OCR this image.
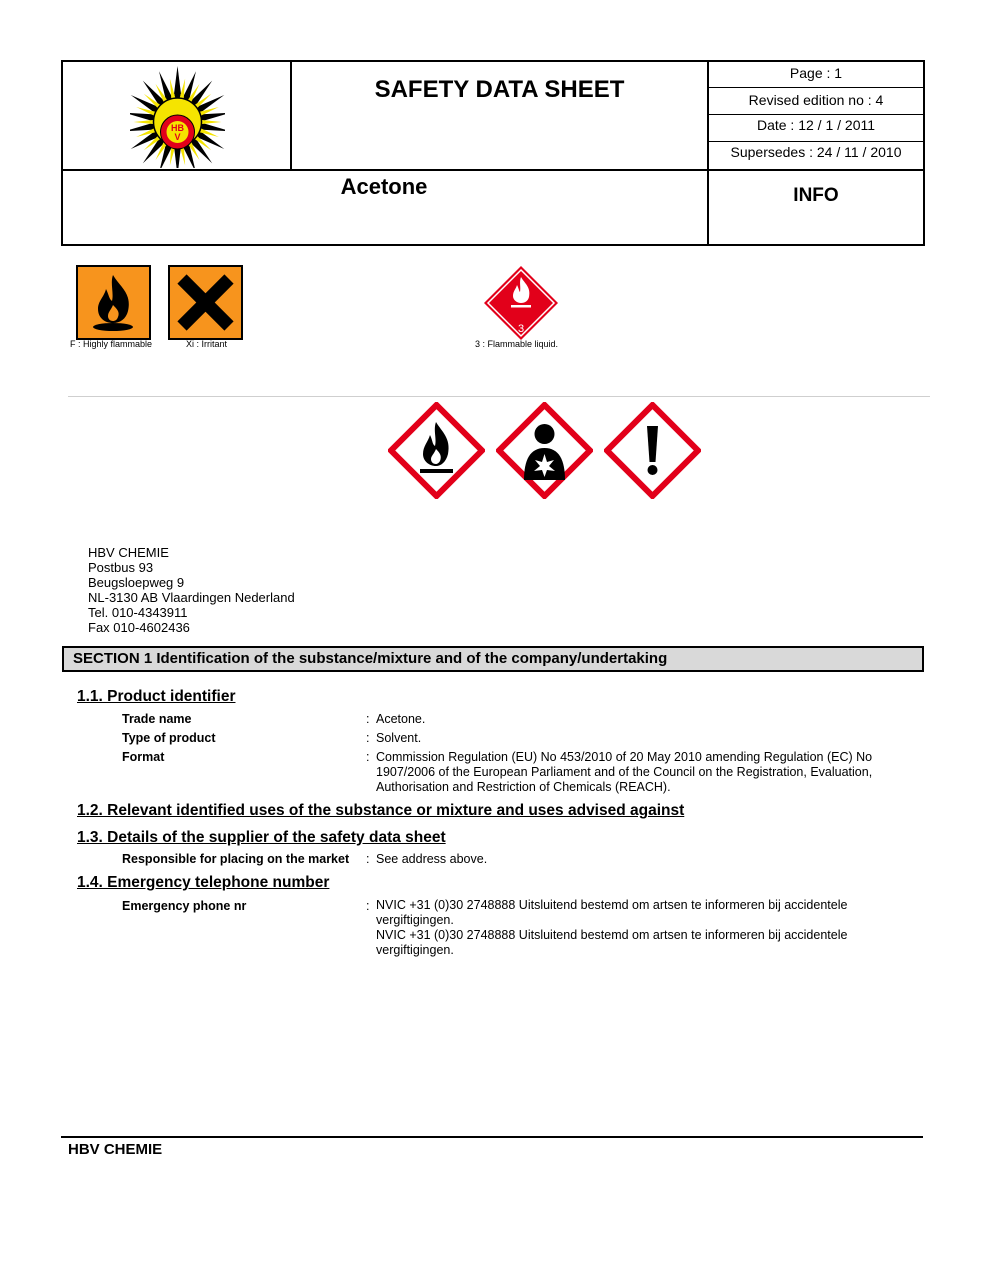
HB
V
SAFETY DATA SHEET
Page : 1
Revised edition no : 4
Date : 12 / 1 / 2011
Supersedes : 24 / 11 / 2010
Acetone	INFO
F : Highly flammable	Xi : Irritant
3
3 : Flammable liquid.
HBV CHEMIE
Postbus 93
Beugsloepweg 9
NL-3130 AB Vlaardingen Nederland
Tel. 010-4343911
Fax 010-4602436
SECTION 1 Identification of the substance/mixture and of the company/undertaking
1.1. Product identifier
Trade name	: Acetone.
Type of product	: Solvent.
Format	: Commission Regulation (EU) No 453/2010 of 20 May 2010 amending Regulation (EC) No
1907/2006 of the European Parliament and of the Council on the Registration, Evaluation,
Authorisation and Restriction of Chemicals (REACH).
1.2. Relevant identified uses of the substance or mixture and uses advised against
1.3. Details of the supplier of the safety data sheet
Responsible for placing on the market : See address above.
1.4. Emergency telephone number
Emergency phone nr	: NVIC +31 (0)30 2748888 Uitsluitend bestemd om artsen te informeren bij accidentele
vergiftigingen.
NVIC +31 (0)30 2748888 Uitsluitend bestemd om artsen te informeren bij accidentele
vergiftigingen.
HBV CHEMIE
